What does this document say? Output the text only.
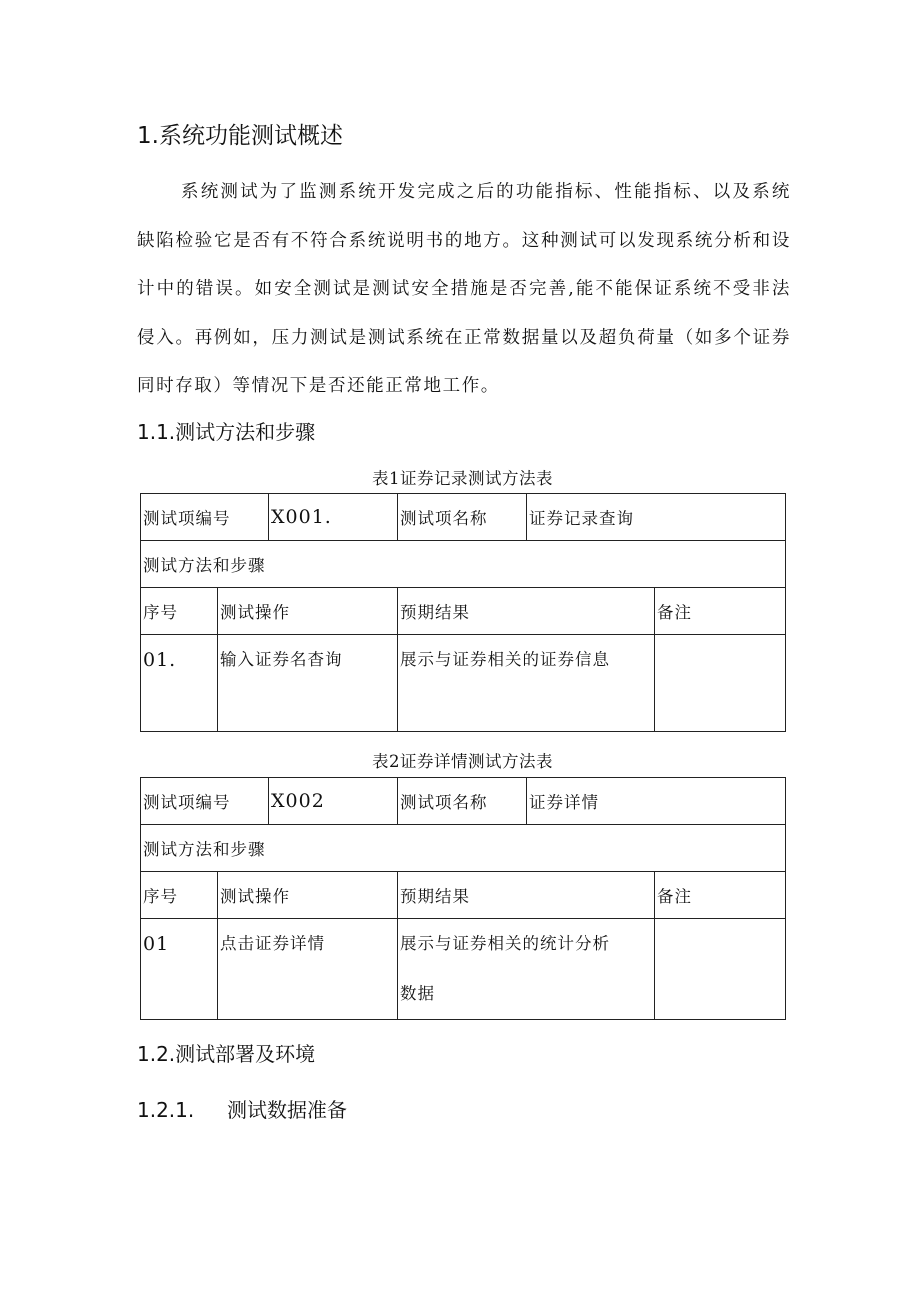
1.系统功能测试概述

系统测试为了监测系统开发完成之后的功能指标、性能指标、以及系统缺陷检验它是否有不符合系统说明书的地方。这种测试可以发现系统分析和设计中的错误。如安全测试是测试安全措施是否完善,能不能保证系统不受非法侵入。再例如，压力测试是测试系统在正常数据量以及超负荷量（如多个证券同时存取）等情况下是否还能正常地工作。

1.1.测试方法和步骤
表1证券记录测试方法表
测试项编号		X001.	测试项名称	证券记录查询	
测试方法和步骤					
序号	测试操作		预期结果		备注
01.	输入证券名杳询		展示与证券相关的证券信息		
表2证券详情测试方法表
测试项编号		X002	测试项名称	证券详情	
测试方法和步骤					
序号	测试操作		预期结果		备注
01	点击证券详情		展示与证券相关的统计分析数据		
1.2.测试部署及环境
1.2.1. 测试数据准备
